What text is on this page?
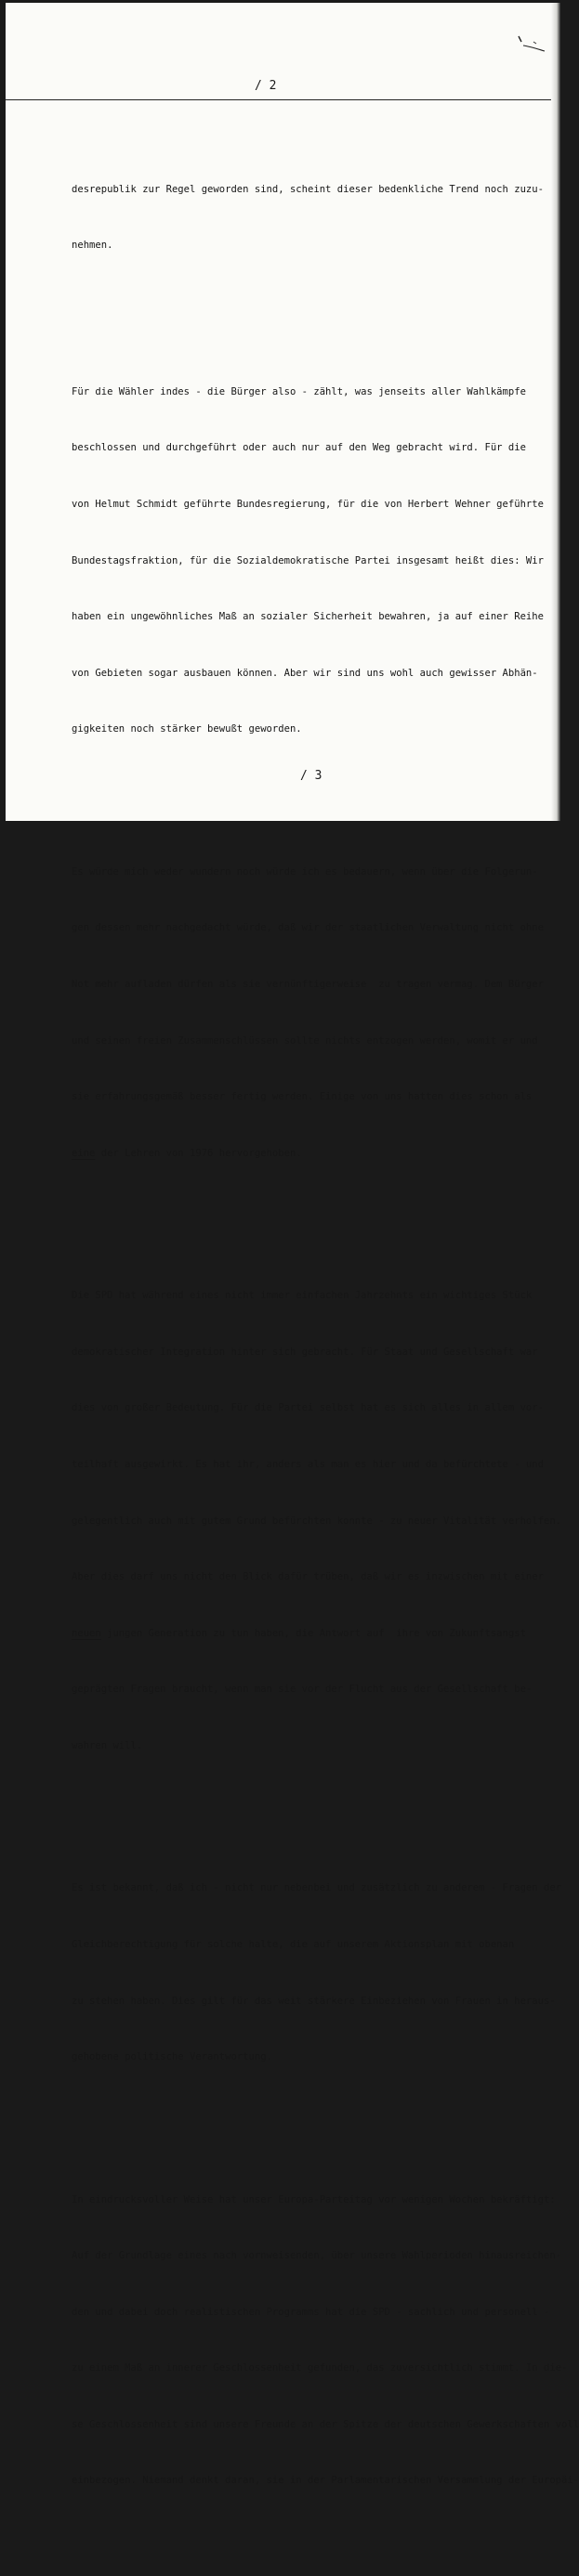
/ 2

desrepublik zur Regel geworden sind, scheint dieser bedenkliche Trend noch zuzu-

nehmen.

Für die Wähler indes - die Bürger also - zählt, was jenseits aller Wahlkämpfe

beschlossen und durchgeführt oder auch nur auf den Weg gebracht wird. Für die

von Helmut Schmidt geführte Bundesregierung, für die von Herbert Wehner geführte

Bundestagsfraktion, für die Sozialdemokratische Partei insgesamt heißt dies: Wir

haben ein ungewöhnliches Maß an sozialer Sicherheit bewahren, ja auf einer Reihe

von Gebieten sogar ausbauen können. Aber wir sind uns wohl auch gewisser Abhän-

gigkeiten noch stärker bewußt geworden.

Es würde mich weder wundern noch würde ich es bedauern, wenn über die Folgerun-

gen dessen mehr nachgedacht würde, daß wir der staatlichen Verwaltung nicht ohne

Not mehr aufladen dürfen als sie vernünftigerweise  zu tragen vermag. Dem Bürger

und seinen freien Zusammenschlüssen sollte nichts entzogen werden, womit er und

sie erfahrungsgemäß besser fertig werden. Einige von uns hatten dies schon als

eine der Lehren von 1976 hervorgehoben.

Die SPD hat während eines nicht immer einfachen Jahrzehnts ein wichtiges Stück

demokratischer Integration hinter sich gebracht. Für Staat und Gesellschaft war

dies von großer Bedeutung. Für die Partei selbst hat es sich alles in allem vor-

teilhaft ausgewirkt. Es hat ihr, anders als man es hier und da befürchtete - und

gelegentlich auch mit gutem Grund befürchten konnte - zu neuer Vitalität verholfen.

Aber dies darf uns nicht den Blick dafür trüben, daß wir es inzwischen mit einer

neuen jungen Generation zu tun haben, die Antwort auf  ihre von Zukunftsangst

geprägten Fragen braucht, wenn man sie vor der Flucht aus der Gesellschaft be-

wahren will.

Es ist bekannt, daß ich - nicht nur nebenbei und zusätzlich zu anderem - Fragen der

Gleichberechtigung für solche halte, die auf unserem Aktionsplan mit obenan

zu stehen haben. Dies gilt für das weit stärkere Einbeziehen von Frauen in heraus-

gehobene politische Verantwortung.

In eindrucksvoller Weise hat unser Europa-Parteitag vor wenigen Wochen bekräftigt:

Auf der Grundlage eines nach vornweisenden, über unsere Wahlperioden hinausreichen-

den und dabei doch realistischen Programms hat die SPD - sachlich und personell -

zu einem Maß an innerer Geschlossenheit gefunden, das zuversichtlich stimmt. In die-

se Geschlossenheit sind unsere Freunde an der Spitze der deutschen Gewerkschaften voll

einbezogen. Niemand denkt daran, sie in der Parlamentarischen Versammlung der Europäi-

/ 3
